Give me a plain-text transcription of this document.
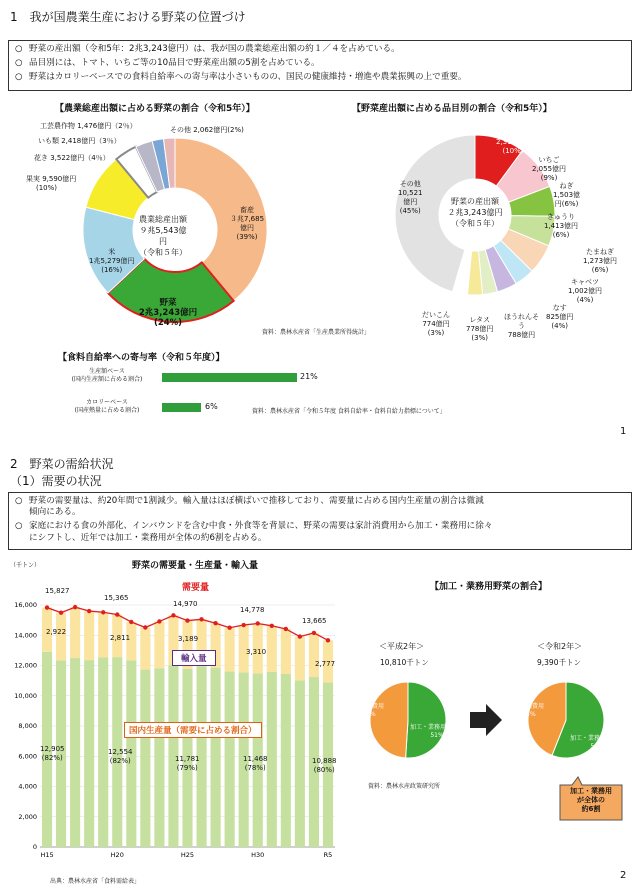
1　我が国農業生産における野菜の位置づけ
○ 野菜の産出額（令和5年：2兆3,243億円）は、我が国の農業総産出額の約１／４を占めている。
○ 品目別には、トマト、いちご等の10品目で野菜産出額の5割を占めている。
○ 野菜はカロリーベースでの食料自給率への寄与率は小さいものの、国民の健康維持・増進や農業振興の上で重要。
【農業総産出額に占める野菜の割合（令和5年）】
農業総産出額
９兆5,543億円
（令和５年）
工芸農作物 1,476億円（2％）
いも類 2,418億円（3％）
花き 3,522億円（4％）
果実 9,590億円
(10%)
米
1兆5,279億円
(16%)
野菜
2兆3,243億円
(24%)
畜産
３兆7,685
億円
(39%)
その他 2,062億円(2%)
【野菜産出額に占める品目別の割合（令和5年）】
野菜の産出額
２兆3,243億円
（令和５年）
トマト
2,311億円
(10%)
いちご
2,055億円
(9%)
ねぎ
1,503億
円(6%)
きゅうり
1,413億円
(6%)
たまねぎ
1,273億円
(6%)
キャベツ
1,002億円
(4%)
なす
825億円
(4%)
ほうれんそ
う
788億円
レタス
778億円
(3%)
だいこん
774億円
(3%)
その他
10,521
億円
(45%)
資料：農林水産省「生産農業所得統計」
【食料自給率への寄与率（令和５年度）】
生産額ベース
(国内生産額に占める割合)	21%
カロリーベース
(国産熱量に占める割合)	6%
資料：農林水産省「令和５年度 食料自給率・食料自給力指標について」
1
2　野菜の需給状況
（1）需要の状況
○ 野菜の需要量は、約20年間で1割減少。輸入量はほぼ横ばいで推移しており、需要量に占める国内生産量の割合は微減
傾向にある。
○ 家庭における食の外部化、インバウンドを含む中食・外食等を背景に、野菜の需要は家計消費用から加工・業務用に徐々
にシフトし、近年では加工・業務用が全体の約6割を占める。
野菜の需要量・生産量・輸入量
（千トン）
0
2,000
4,000
6,000
8,000
10,000
12,000
14,000
16,000
H15	H20	H25	H30	R5
需要量
輸入量
国内生産量（需要に占める割合）
15,827
15,365
14,970
14,778
13,665
2,922
2,811	3,189
3,310
2,777
12,905
(82%)
12,554
(82%)	11,781
(79%)
11,468
(78%)
10,888
(80%)
出典：農林水産省「食料需給表」
【加工・業務用野菜の割合】
＜平成2年＞
10,810千トン
＜令和2年＞
9,390千トン
家計消費用
49%
加工・業務用
51%
家計消費用
44%
加工・業務用
56%
資料：農林水産政策研究所
加工・業務用
が全体の
約6割
2
